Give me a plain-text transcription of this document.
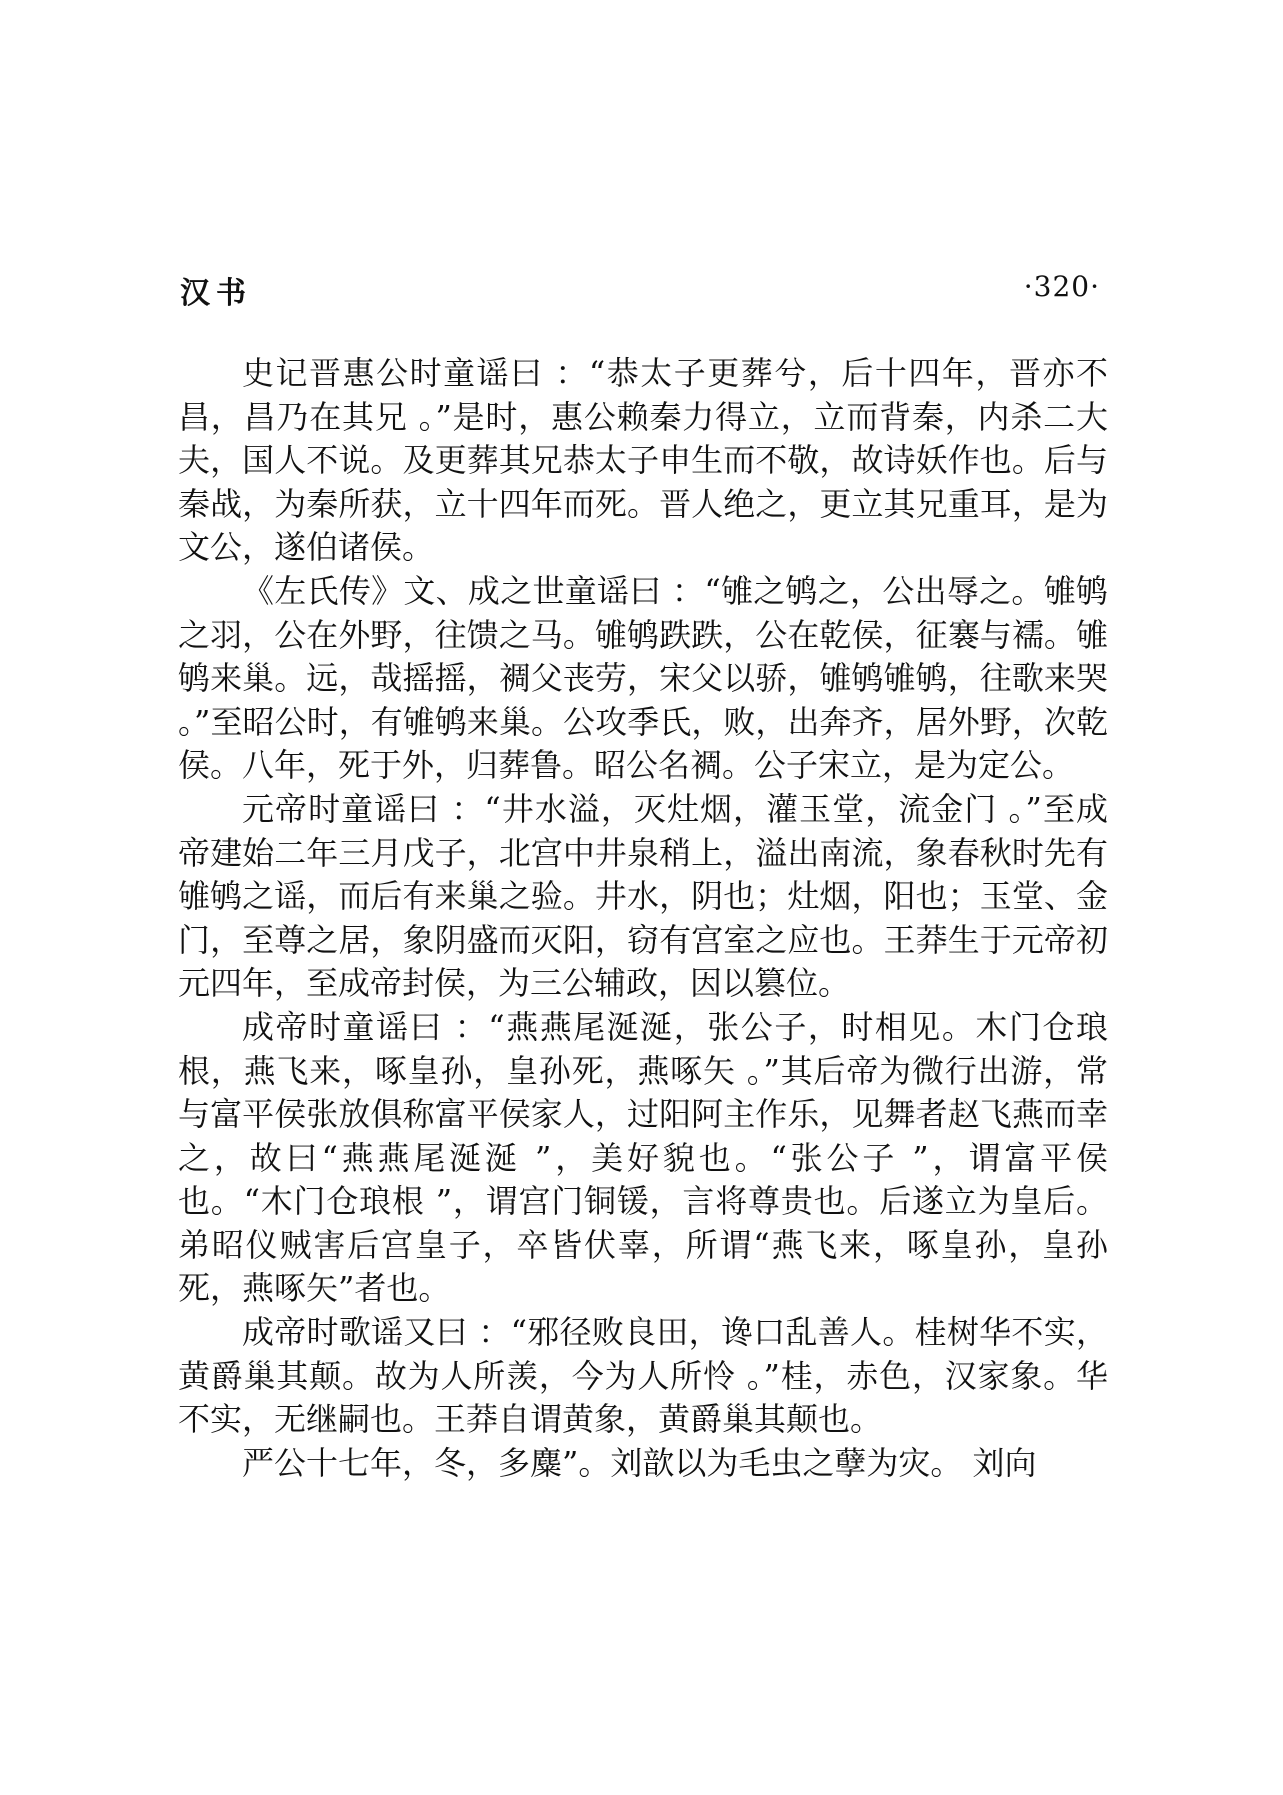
汉书	·320·

史记晋惠公时童谣曰 ：“恭太子更葬兮，后十四年，晋亦不昌，昌乃在其兄 。”是时，惠公赖秦力得立，立而背秦，内杀二大夫，国人不说。及更葬其兄恭太子申生而不敬，故诗妖作也。后与秦战，为秦所获，立十四年而死。晋人绝之，更立其兄重耳，是为文公，遂伯诸侯。

《左氏传》文、成之世童谣曰 ：“雊之鸲之，公出辱之。雊鸲之羽，公在外野，往馈之马。雊鸲跌跌，公在乾侯，征褰与襦。雊鸲来巢。远，哉摇摇，裯父丧劳，宋父以骄，雊鸲雊鸲，往歌来哭 。”至昭公时，有雊鸲来巢。公攻季氏，败，出奔齐，居外野，次乾侯。八年，死于外，归葬鲁。昭公名裯。公子宋立，是为定公。

元帝时童谣曰 ：“井水溢，灭灶烟，灌玉堂，流金门 。”至成帝建始二年三月戊子，北宫中井泉稍上，溢出南流，象春秋时先有雊鸲之谣，而后有来巢之验。井水，阴也；灶烟，阳也；玉堂、金门，至尊之居，象阴盛而灭阳，窃有宫室之应也。王莽生于元帝初元四年，至成帝封侯，为三公辅政，因以篡位。

成帝时童谣曰 ：“燕燕尾涎涎，张公子，时相见。木门仓琅根，燕飞来，啄皇孙，皇孙死，燕啄矢 。”其后帝为微行出游，常与富平侯张放俱称富平侯家人，过阳阿主作乐，见舞者赵飞燕而幸之，故曰“燕燕尾涎涎 ”，美好貌也。“张公子 ”，谓富平侯也。“木门仓琅根 ”，谓宫门铜锾，言将尊贵也。后遂立为皇后。弟昭仪贼害后宫皇子，卒皆伏辜，所谓“燕飞来，啄皇孙，皇孙死，燕啄矢”者也。

成帝时歌谣又曰 ：“邪径败良田，谗口乱善人。桂树华不实，黄爵巢其颠。故为人所羡，今为人所怜 。”桂，赤色，汉家象。华不实，无继嗣也。王莽自谓黄象，黄爵巢其颠也。

严公十七年，冬，多麋”。刘歆以为毛虫之孽为灾。 刘向
